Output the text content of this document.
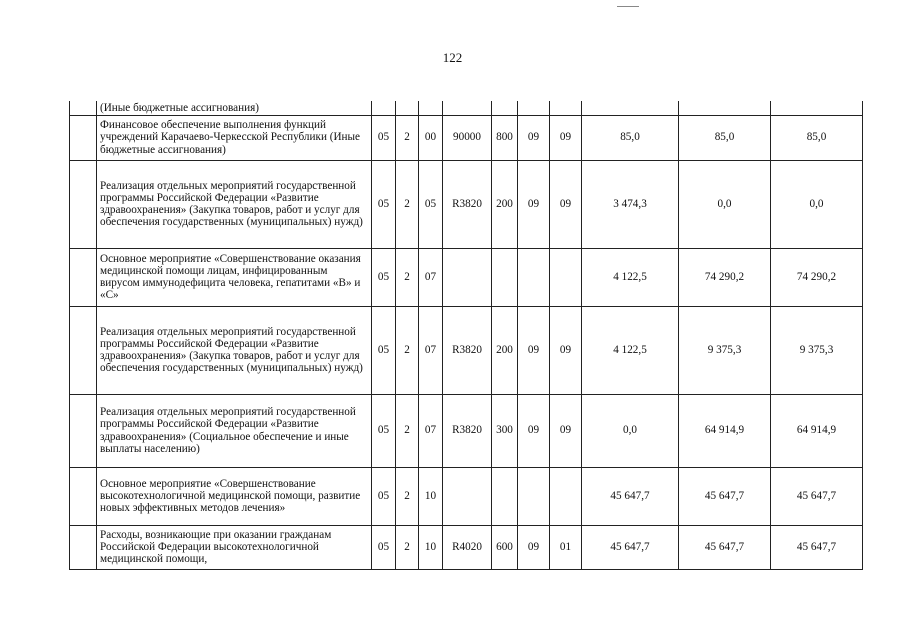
122
	(Иные бюджетные ассигнования)										
	Финансовое обеспечение выполнения функций учреждений Карачаево-Черкесской Республики (Иные бюджетные ассигнования)	05	2	00	90000	800	09	09	85,0	85,0	85,0
	Реализация отдельных мероприятий государственной программы Российской Федерации «Развитие здравоохранения» (Закупка товаров, работ и услуг для обеспечения государственных (муниципальных) нужд)	05	2	05	R3820	200	09	09	3 474,3	0,0	0,0
	Основное мероприятие «Совершенствование оказания медицинской помощи лицам, инфицированным вирусом иммунодефицита человека, гепатитами «В» и «С»	05	2	07					4 122,5	74 290,2	74 290,2
	Реализация отдельных мероприятий государственной программы Российской Федерации «Развитие здравоохранения» (Закупка товаров, работ и услуг для обеспечения государственных (муниципальных) нужд)	05	2	07	R3820	200	09	09	4 122,5	9 375,3	9 375,3
	Реализация отдельных мероприятий государственной программы Российской Федерации «Развитие здравоохранения» (Социальное обеспечение и иные выплаты населению)	05	2	07	R3820	300	09	09	0,0	64 914,9	64 914,9
	Основное мероприятие «Совершенствование высокотехнологичной медицинской помощи, развитие новых эффективных методов лечения»	05	2	10					45 647,7	45 647,7	45 647,7
	Расходы, возникающие при оказании гражданам Российской Федерации высокотехнологичной медицинской помощи,	05	2	10	R4020	600	09	01	45 647,7	45 647,7	45 647,7
